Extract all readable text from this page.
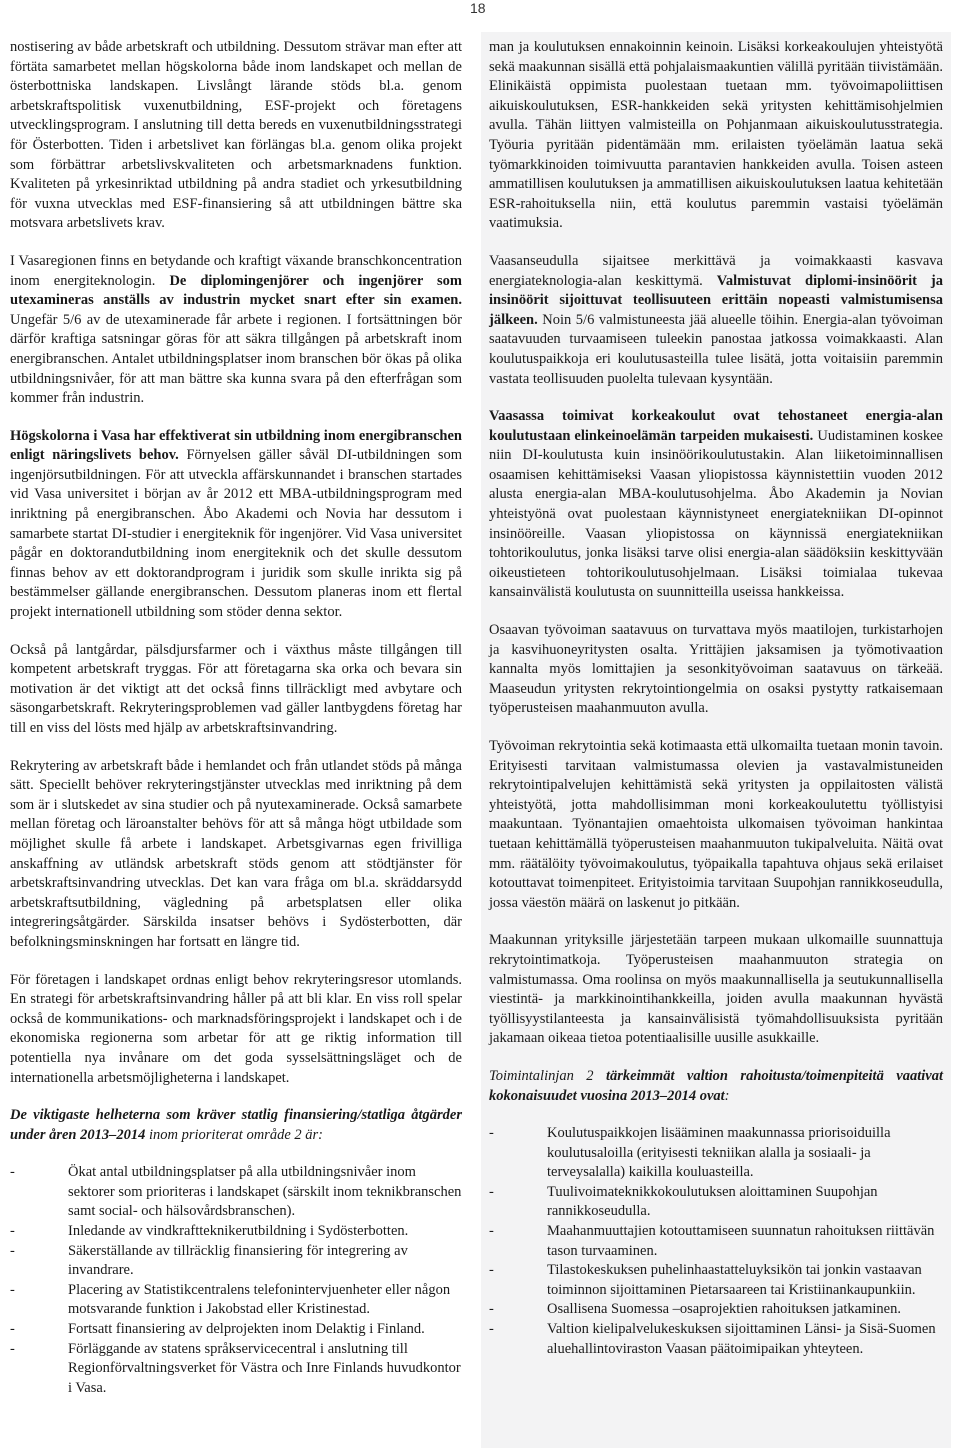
18

nostisering av både arbetskraft och utbildning. Dessutom strävar man efter att förtäta samarbetet mellan högskolorna både inom landskapet och mellan de österbottniska landskapen. Livslångt lärande stöds bl.a. genom arbetskraftspolitisk vuxenutbildning, ESF-projekt och företagens utvecklingsprogram. I anslutning till detta bereds en vuxenutbildningsstrategi för Österbotten. Tiden i arbetslivet kan förlängas bl.a. genom olika projekt som förbättrar arbetslivskvaliteten och arbetsmarknadens funktion. Kvaliteten på yrkesinriktad utbildning på andra stadiet och yrkesutbildning för vuxna utvecklas med ESF-finansiering så att utbildningen bättre ska motsvara arbetslivets krav.

I Vasaregionen finns en betydande och kraftigt växande branschkoncentration inom energiteknologin. De diplomingenjörer och ingenjörer som utexamineras anställs av industrin mycket snart efter sin examen. Ungefär 5/6 av de utexaminerade får arbete i regionen. I fortsättningen bör därför kraftiga satsningar göras för att säkra tillgången på arbetskraft inom energibranschen. Antalet utbildningsplatser inom branschen bör ökas på olika utbildningsnivåer, för att man bättre ska kunna svara på den efterfrågan som kommer från industrin.

Högskolorna i Vasa har effektiverat sin utbildning inom energibranschen enligt näringslivets behov. Förnyelsen gäller såväl DI-utbildningen som ingenjörsutbildningen. För att utveckla affärskunnandet i branschen startades vid Vasa universitet i början av år 2012 ett MBA-utbildningsprogram med inriktning på energibranschen. Åbo Akademi och Novia har dessutom i samarbete startat DI-studier i energiteknik för ingenjörer. Vid Vasa universitet pågår en doktorandutbildning inom energiteknik och det skulle dessutom finnas behov av ett doktorandprogram i juridik som skulle inrikta sig på bestämmelser gällande energibranschen. Dessutom planeras inom ett flertal projekt internationell utbildning som stöder denna sektor.

Också på lantgårdar, pälsdjursfarmer och i växthus måste tillgången till kompetent arbetskraft tryggas. För att företagarna ska orka och bevara sin motivation är det viktigt att det också finns tillräckligt med avbytare och säsongarbetskraft. Rekryteringsproblemen vad gäller lantbygdens företag har till en viss del lösts med hjälp av arbetskraftsinvandring.

Rekrytering av arbetskraft både i hemlandet och från utlandet stöds på många sätt. Speciellt behöver rekryteringstjänster utvecklas med inriktning på dem som är i slutskedet av sina studier och på nyutexaminerade. Också samarbete mellan företag och läroanstalter behövs för att så många högt utbildade som möjlighet skulle få arbete i landskapet. Arbetsgivarnas egen frivilliga anskaffning av utländsk arbetskraft stöds genom att stödtjänster för arbetskraftsinvandring utvecklas. Det kan vara fråga om bl.a. skräddarsydd arbetskraftsutbildning, vägledning på arbetsplatsen eller olika integreringsåtgärder. Särskilda insatser behövs i Sydösterbotten, där befolkningsminskningen har fortsatt en längre tid.

För företagen i landskapet ordnas enligt behov rekryteringsresor utomlands. En strategi för arbetskraftsinvandring håller på att bli klar. En viss roll spelar också de kommunikations- och marknadsföringsprojekt i landskapet och i de ekonomiska regionerna som arbetar för att ge riktig information till potentiella nya invånare om det goda sysselsättningsläget och de internationella arbetsmöjligheterna i landskapet.

De viktigaste helheterna som kräver statlig finansiering/statliga åtgärder under åren 2013–2014 inom prioriterat område 2 är:

- Ökat antal utbildningsplatser på alla utbildningsnivåer inom sektorer som prioriteras i landskapet (särskilt inom teknikbranschen samt social- och hälsovårdsbranschen).
- Inledande av vindkraftteknikerutbildning i Sydösterbotten.
- Säkerställande av tillräcklig finansiering för integrering av invandrare.
- Placering av Statistikcentralens telefonintervjuenheter eller någon motsvarande funktion i Jakobstad eller Kristinestad.
- Fortsatt finansiering av delprojekten inom Delaktig i Finland.
- Förläggande av statens språkservicecentral i anslutning till Regionförvaltningsverket för Västra och Inre Finlands huvudkontor i Vasa.

man ja koulutuksen ennakoinnin keinoin. Lisäksi korkeakoulujen yhteistyötä sekä maakunnan sisällä että pohjalaismaakuntien välillä pyritään tiivistämään. Elinikäistä oppimista puolestaan tuetaan mm. työvoimapoliittisen aikuiskoulutuksen, ESR-hankkeiden sekä yritysten kehittämisohjelmien avulla. Tähän liittyen valmisteilla on Pohjanmaan aikuiskoulutusstrategia. Työuria pyritään pidentämään mm. erilaisten työelämän laatua sekä työmarkkinoiden toimivuutta parantavien hankkeiden avulla. Toisen asteen ammatillisen koulutuksen ja ammatillisen aikuiskoulutuksen laatua kehitetään ESR-rahoituksella niin, että koulutus paremmin vastaisi työelämän vaatimuksia.

Vaasanseudulla sijaitsee merkittävä ja voimakkaasti kasvava energiateknologia-alan keskittymä. Valmistuvat diplomi-insinöörit ja insinöörit sijoittuvat teollisuuteen erittäin nopeasti valmistumisensa jälkeen. Noin 5/6 valmistuneesta jää alueelle töihin. Energia-alan työvoiman saatavuuden turvaamiseen tuleekin panostaa jatkossa voimakkaasti. Alan koulutuspaikkoja eri koulutusasteilla tulee lisätä, jotta voitaisiin paremmin vastata teollisuuden puolelta tulevaan kysyntään.

Vaasassa toimivat korkeakoulut ovat tehostaneet energia-alan koulutustaan elinkeinoelämän tarpeiden mukaisesti. Uudistaminen koskee niin DI-koulutusta kuin insinöörikoulutustakin. Alan liiketoiminnallisen osaamisen kehittämiseksi Vaasan yliopistossa käynnistettiin vuoden 2012 alusta energia-alan MBA-koulutusohjelma. Åbo Akademin ja Novian yhteistyönä ovat puolestaan käynnistyneet energiatekniikan DI-opinnot insinööreille. Vaasan yliopistossa on käynnissä energiatekniikan tohtorikoulutus, jonka lisäksi tarve olisi energia-alan säädöksiin keskittyvään oikeustieteen tohtorikoulutusohjelmaan. Lisäksi toimialaa tukevaa kansainvälistä koulutusta on suunnitteilla useissa hankkeissa.

Osaavan työvoiman saatavuus on turvattava myös maatilojen, turkistarhojen ja kasvihuoneyritysten osalta. Yrittäjien jaksamisen ja työmotivaation kannalta myös lomittajien ja sesonkityövoiman saatavuus on tärkeää. Maaseudun yritysten rekrytointiongelmia on osaksi pystytty ratkaisemaan työperusteisen maahanmuuton avulla.

Työvoiman rekrytointia sekä kotimaasta että ulkomailta tuetaan monin tavoin. Erityisesti tarvitaan valmistumassa olevien ja vastavalmistuneiden rekrytointipalvelujen kehittämistä sekä yritysten ja oppilaitosten välistä yhteistyötä, jotta mahdollisimman moni korkeakoulutettu työllistyisi maakuntaan. Työnantajien omaehtoista ulkomaisen työvoiman hankintaa tuetaan kehittämällä työperusteisen maahanmuuton tukipalveluita. Näitä ovat mm. räätälöity työvoimakoulutus, työpaikalla tapahtuva ohjaus sekä erilaiset kotouttavat toimenpiteet. Erityistoimia tarvitaan Suupohjan rannikkoseudulla, jossa väestön määrä on laskenut jo pitkään.

Maakunnan yrityksille järjestetään tarpeen mukaan ulkomaille suunnattuja rekrytointimatkoja. Työperusteisen maahanmuuton strategia on valmistumassa. Oma roolinsa on myös maakunnallisella ja seutukunnallisella viestintä- ja markkinointihankkeilla, joiden avulla maakunnan hyvästä työllisyystilanteesta ja kansainvälisistä työmahdollisuuksista pyritään jakamaan oikeaa tietoa potentiaalisille uusille asukkaille.

Toimintalinjan 2 tärkeimmät valtion rahoitusta/toimenpiteitä vaativat kokonaisuudet vuosina 2013–2014 ovat:

- Koulutuspaikkojen lisääminen maakunnassa priorisoiduilla koulutusaloilla (erityisesti tekniikan alalla ja sosiaali- ja terveysalalla) kaikilla kouluasteilla.
- Tuulivoimateknikkokoulutuksen aloittaminen Suupohjan rannikkoseudulla.
- Maahanmuuttajien kotouttamiseen suunnatun rahoituksen riittävän tason turvaaminen.
- Tilastokeskuksen puhelinhaastatteluyksikön tai jonkin vastaavan toiminnon sijoittaminen Pietarsaareen tai Kristiinankaupunkiin.
- Osallisena Suomessa –osaprojektien rahoituksen jatkaminen.
- Valtion kielipalvelukeskuksen sijoittaminen Länsi- ja Sisä-Suomen aluehallintoviraston Vaasan päätoimipaikan yhteyteen.
